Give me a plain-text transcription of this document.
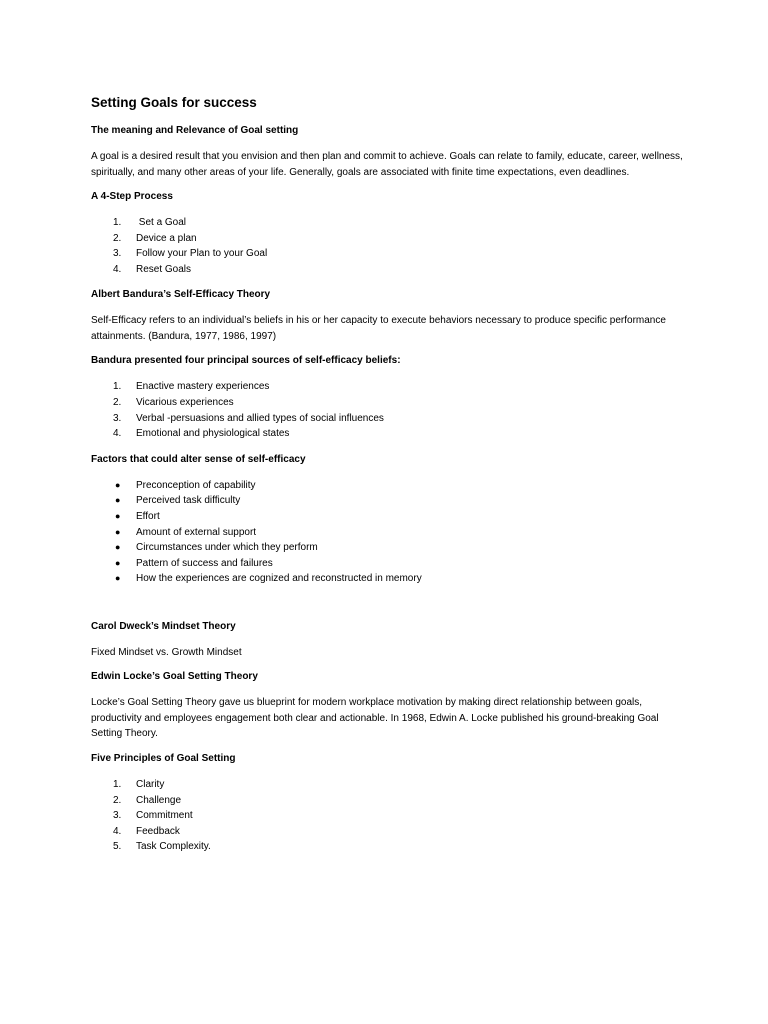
Setting Goals for success
The meaning and Relevance of Goal setting
A goal is a desired result that you envision and then plan and commit to achieve. Goals can relate to family, educate, career, wellness, spiritually, and many other areas of your life. Generally, goals are associated with finite time expectations, even deadlines.
A 4-Step Process
1. Set a Goal
2. Device a plan
3. Follow your Plan to your Goal
4. Reset Goals
Albert Bandura’s Self-Efficacy Theory
Self-Efficacy refers to an individual’s beliefs in his or her capacity to execute behaviors necessary to produce specific performance attainments. (Bandura, 1977, 1986, 1997)
Bandura presented four principal sources of self-efficacy beliefs:
1. Enactive mastery experiences
2. Vicarious experiences
3. Verbal -persuasions and allied types of social influences
4. Emotional and physiological states
Factors that could alter sense of self-efficacy
● Preconception of capability
● Perceived task difficulty
● Effort
● Amount of external support
● Circumstances under which they perform
● Pattern of success and failures
● How the experiences are cognized and reconstructed in memory
Carol Dweck’s Mindset Theory
Fixed Mindset vs. Growth Mindset
Edwin Locke’s Goal Setting Theory
Locke’s Goal Setting Theory gave us blueprint for modern workplace motivation by making direct relationship between goals, productivity and employees engagement both clear and actionable. In 1968, Edwin A. Locke published his ground-breaking Goal Setting Theory.
Five Principles of Goal Setting
1. Clarity
2. Challenge
3. Commitment
4. Feedback
5. Task Complexity.
